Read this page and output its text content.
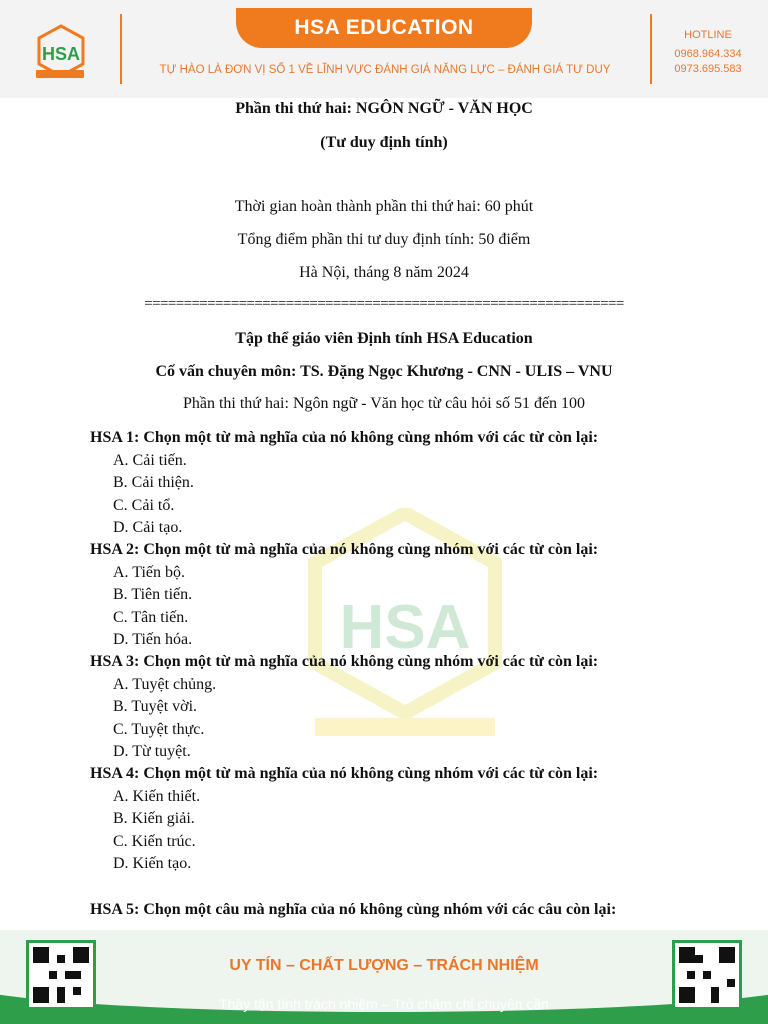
HSA
HSA EDUCATION
TỰ HÀO LÀ ĐƠN VỊ SỐ 1 VỀ LĨNH VỰC ĐÁNH GIÁ NĂNG LỰC – ĐÁNH GIÁ TƯ DUY
HOTLINE
0968.964.334
0973.695.583
HSA
Phần thi thứ hai: NGÔN NGỮ - VĂN HỌC
(Tư duy định tính)
Thời gian hoàn thành phần thi thứ hai: 60 phút
Tổng điểm phần thi tư duy định tính: 50 điểm
Hà Nội, tháng 8 năm 2024
=============================================================
Tập thể giáo viên Định tính HSA Education
Cố vấn chuyên môn: TS. Đặng Ngọc Khương - CNN - ULIS – VNU
Phần thi thứ hai: Ngôn ngữ - Văn học từ câu hỏi số 51 đến 100
HSA 1: Chọn một từ mà nghĩa của nó không cùng nhóm với các từ còn lại:
A. Cải tiến.
B. Cải thiện.
C. Cải tổ.
D. Cải tạo.
HSA 2: Chọn một từ mà nghĩa của nó không cùng nhóm với các từ còn lại:
A. Tiến bộ.
B. Tiên tiến.
C. Tân tiến.
D. Tiến hóa.
HSA 3: Chọn một từ mà nghĩa của nó không cùng nhóm với các từ còn lại:
A. Tuyệt chủng.
B. Tuyệt vời.
C. Tuyệt thực.
D. Từ tuyệt.
HSA 4: Chọn một từ mà nghĩa của nó không cùng nhóm với các từ còn lại:
A. Kiến thiết.
B. Kiến giải.
C. Kiến trúc.
D. Kiến tạo.
HSA 5: Chọn một câu mà nghĩa của nó không cùng nhóm với các câu còn lại:
UY TÍN – CHẤT LƯỢNG – TRÁCH NHIỆM
Thầy tận tình trách nhiệm – Trò chăm chỉ chuyên cần
